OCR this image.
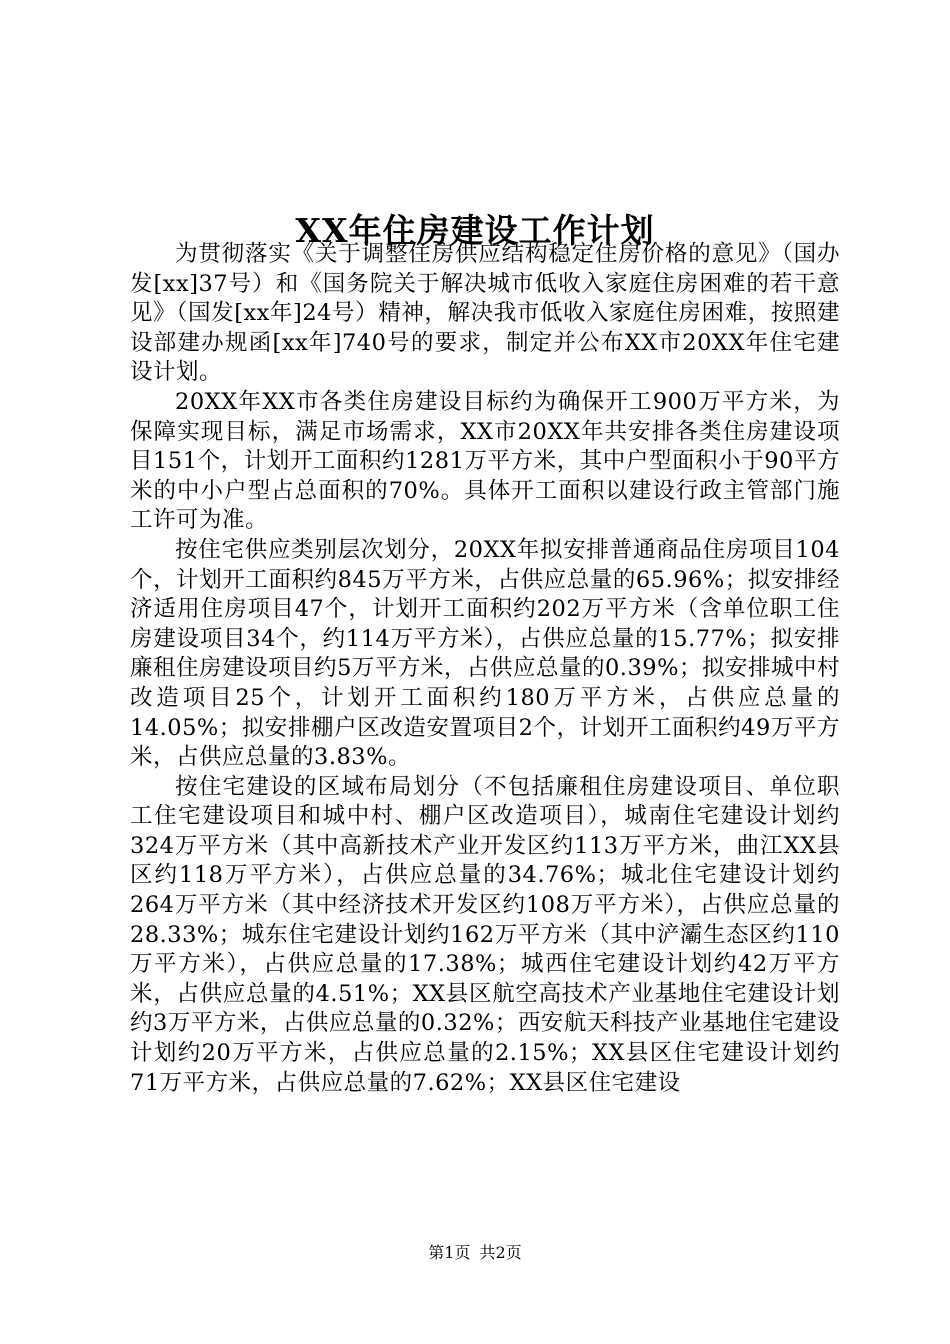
XX年住房建设工作计划

为贯彻落实《关于调整住房供应结构稳定住房价格的意见》（国办发[xx]37号）和《国务院关于解决城市低收入家庭住房困难的若干意见》（国发[xx年]24号）精神，解决我市低收入家庭住房困难，按照建设部建办规函[xx年]740号的要求，制定并公布XX市20XX年住宅建设计划。

20XX年XX市各类住房建设目标约为确保开工900万平方米，为保障实现目标，满足市场需求，XX市20XX年共安排各类住房建设项目151个，计划开工面积约1281万平方米，其中户型面积小于90平方米的中小户型占总面积的70%。具体开工面积以建设行政主管部门施工许可为准。

按住宅供应类别层次划分，20XX年拟安排普通商品住房项目104个，计划开工面积约845万平方米，占供应总量的65.96%；拟安排经济适用住房项目47个，计划开工面积约202万平方米（含单位职工住房建设项目34个，约114万平方米），占供应总量的15.77%；拟安排廉租住房建设项目约5万平方米，占供应总量的0.39%；拟安排城中村改造项目25个，计划开工面积约180万平方米，占供应总量的14.05%；拟安排棚户区改造安置项目2个，计划开工面积约49万平方米，占供应总量的3.83%。

按住宅建设的区域布局划分（不包括廉租住房建设项目、单位职工住宅建设项目和城中村、棚户区改造项目），城南住宅建设计划约324万平方米（其中高新技术产业开发区约113万平方米，曲江XX县区约118万平方米），占供应总量的34.76%；城北住宅建设计划约264万平方米（其中经济技术开发区约108万平方米），占供应总量的28.33%；城东住宅建设计划约162万平方米（其中浐灞生态区约110万平方米），占供应总量的17.38%；城西住宅建设计划约42万平方米，占供应总量的4.51%；XX县区航空高技术产业基地住宅建设计划约3万平方米，占供应总量的0.32%；西安航天科技产业基地住宅建设计划约20万平方米，占供应总量的2.15%；XX县区住宅建设计划约71万平方米，占供应总量的7.62%；XX县区住宅建设

第1页 共2页
